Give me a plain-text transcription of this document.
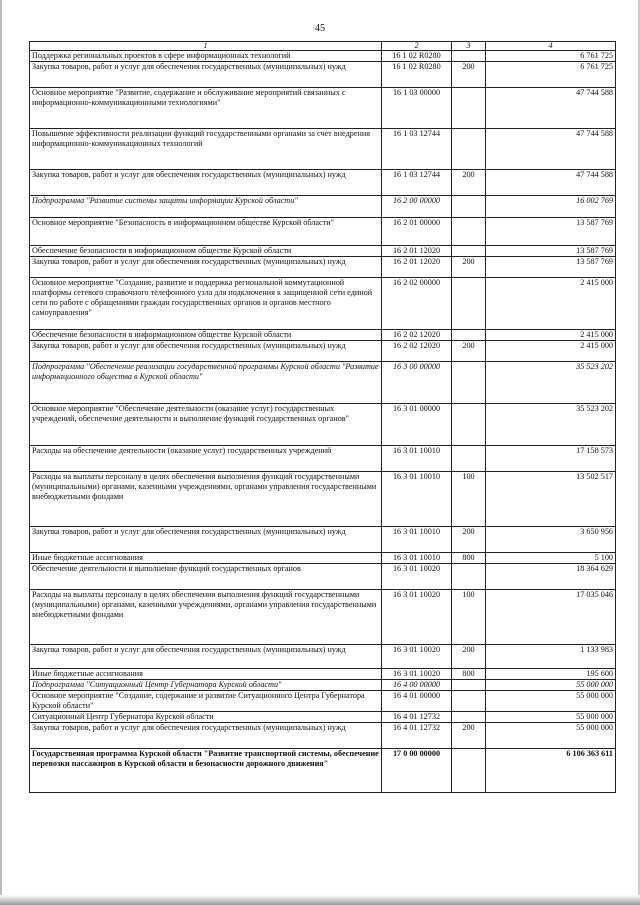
45
1	2	3	4
Поддержка региональных проектов в сфере информационных технологий	16 1 02 R0280		6 761 725
Закупка товаров, работ и услуг для обеспечения государственных (муниципальных) нужд	16 1 02 R0280	200	6 761 725
Основное мероприятие "Развитие, содержание и обслуживание мероприятий связанных с информационно-коммуникационными технологиями"	16 1 03 00000		47 744 588
Повышение эффективности реализации функций государственными органами за счет внедрения информационно-коммуникационных технологий	16 1 03 12744		47 744 588
Закупка товаров, работ и услуг для обеспечения государственных (муниципальных) нужд	16 1 03 12744	200	47 744 588
Подпрограмма "Развитие системы защиты информации Курской области"	16 2 00 00000		16 002 769
Основное мероприятие "Безопасность в информационном обществе Курской области"	16 2 01 00000		13 587 769
Обеспечение безопасности в информационном обществе Курской области	16 2 01 12020		13 587 769
Закупка товаров, работ и услуг для обеспечения государственных (муниципальных) нужд	16 2 01 12020	200	13 587 769
Основное мероприятие "Создание, развитие и поддержка региональной коммутационной платформы сетевого справочного телефонного узла для подключения к защищенной сети единой сети по работе с обращениями граждан государственных органов и органов местного самоуправления"	16 2 02 00000		2 415 000
Обеспечение безопасности в информационном обществе Курской области	16 2 02 12020		2 415 000
Закупка товаров, работ и услуг для обеспечения государственных (муниципальных) нужд	16 2 02 12020	200	2 415 000
Подпрограмма "Обеспечение реализации государственной программы Курской области "Развитие информационного общества в Курской области"	16 3 00 00000		35 523 202
Основное мероприятие "Обеспечение деятельности (оказание услуг) государственных учреждений, обеспечение деятельности и выполнение функций государственных органов"	16 3 01 00000		35 523 202
Расходы на обеспечение деятельности (оказание услуг) государственных учреждений	16 3 01 10010		17 158 573
Расходы на выплаты персоналу в целях обеспечения выполнения функций государственными (муниципальными) органами, казенными учреждениями, органами управления государственными внебюджетными фондами	16 3 01 10010	100	13 502 517
Закупка товаров, работ и услуг для обеспечения государственных (муниципальных) нужд	16 3 01 10010	200	3 650 956
Иные бюджетные ассигнования	16 3 01 10010	800	5 100
Обеспечение деятельности и выполнение функций государственных органов	16 3 01 10020		18 364 629
Расходы на выплаты персоналу в целях обеспечения выполнения функций государственными (муниципальными) органами, казенными учреждениями, органами управления государственными внебюджетными фондами	16 3 01 10020	100	17 035 046
Закупка товаров, работ и услуг для обеспечения государственных (муниципальных) нужд	16 3 01 10020	200	1 133 983
Иные бюджетные ассигнования	16 3 01 10020	800	195 600
Подпрограмма "Ситуационный Центр Губернатора Курской области"	16 4 00 00000		55 000 000
Основное мероприятие "Создание, содержание и развитие Ситуационного Центра Губернатора Курской области"	16 4 01 00000		55 000 000
Ситуационный Центр Губернатора Курской области	16 4 01 12732		55 000 000
Закупка товаров, работ и услуг для обеспечения государственных (муниципальных) нужд	16 4 01 12732	200	55 000 000
Государственная программа Курской области "Развитие транспортной системы, обеспечение перевозки пассажиров в Курской области и безопасности дорожного движения"	17 0 00 00000		6 106 363 611
